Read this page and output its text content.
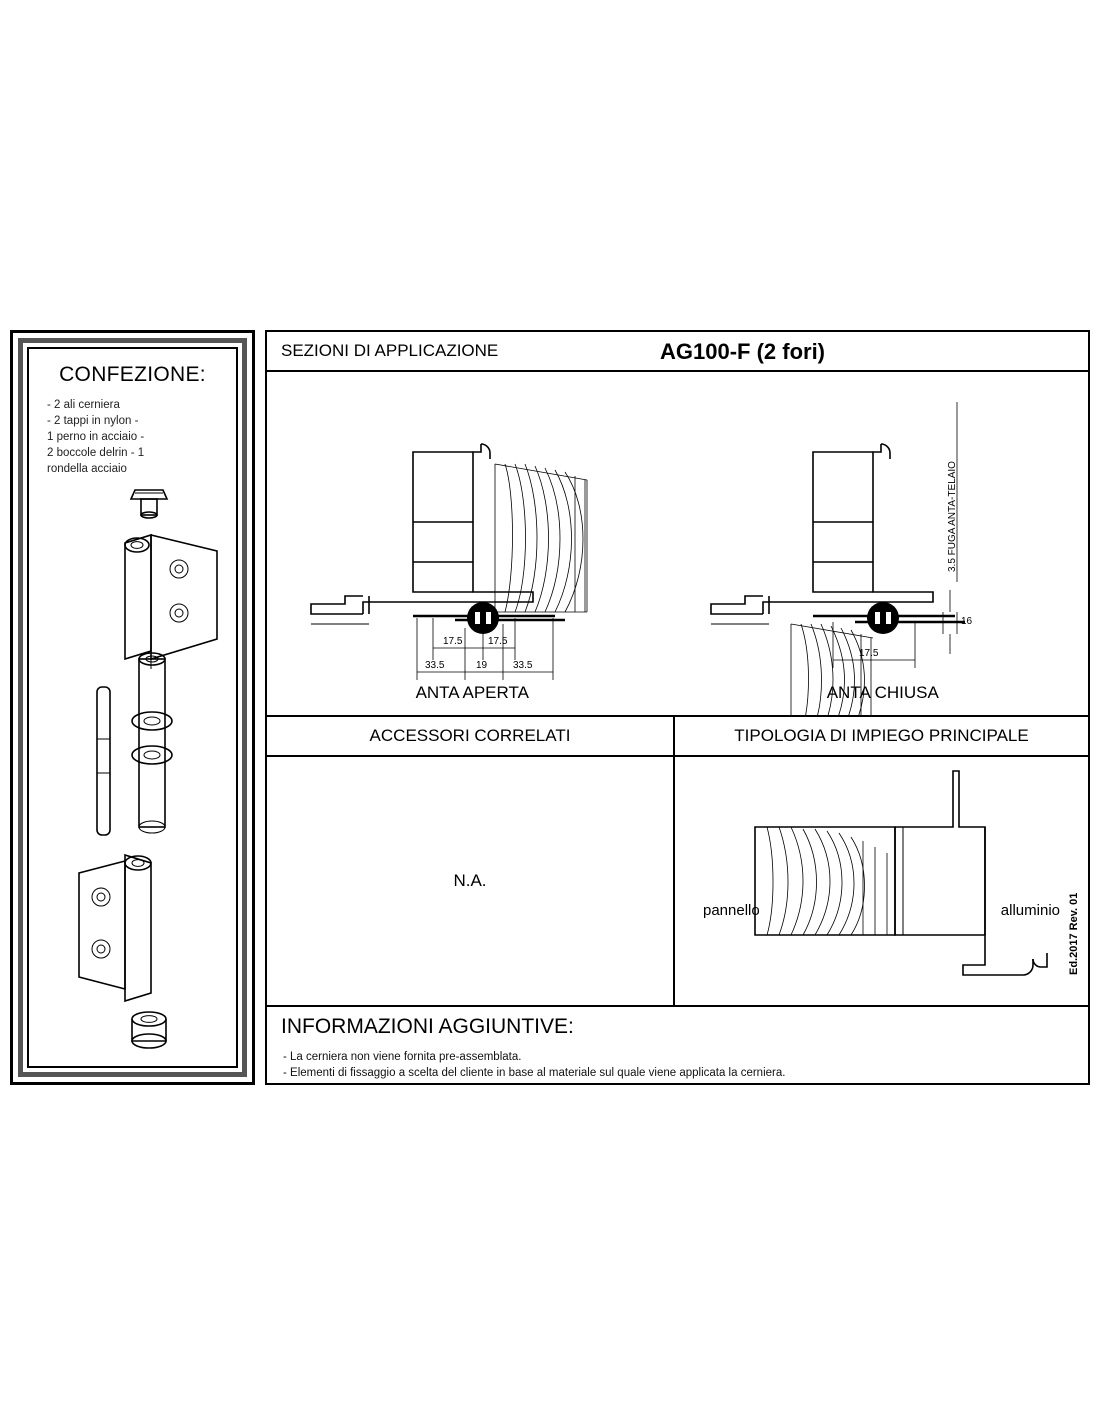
CONFEZIONE:
- 2 ali cerniera
- 2 tappi in nylon -
1 perno in acciaio -
2 boccole delrin - 1
rondella acciaio
SEZIONI DI APPLICAZIONE	AG100-F (2 fori)
17.5	17.5
33.5	19	33.5
17.5
16
3.5 FUGA ANTA-TELAIO
ANTA APERTA	ANTA CHIUSA
ACCESSORI CORRELATI	TIPOLOGIA DI IMPIEGO PRINCIPALE
N.A.
pannello	alluminio
INFORMAZIONI AGGIUNTIVE:
- La cerniera non viene fornita pre-assemblata.
- Elementi di fissaggio a scelta del cliente in base al materiale sul quale viene applicata la cerniera.
Ed.2017 Rev. 01
